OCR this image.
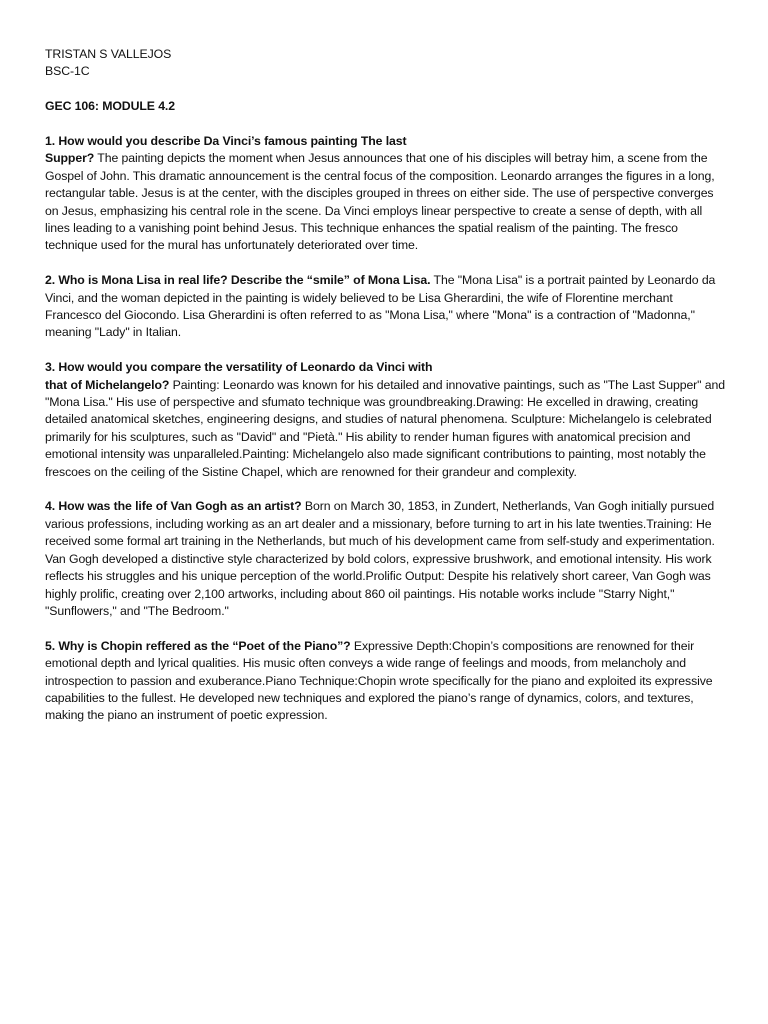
TRISTAN S VALLEJOS
BSC-1C
GEC 106: MODULE 4.2
1. How would you describe Da Vinci’s famous painting The last
Supper? The painting depicts the moment when Jesus announces that one of his disciples will betray him, a scene from the Gospel of John. This dramatic announcement is the central focus of the composition. Leonardo arranges the figures in a long, rectangular table. Jesus is at the center, with the disciples grouped in threes on either side. The use of perspective converges on Jesus, emphasizing his central role in the scene. Da Vinci employs linear perspective to create a sense of depth, with all lines leading to a vanishing point behind Jesus. This technique enhances the spatial realism of the painting. The fresco technique used for the mural has unfortunately deteriorated over time.
2. Who is Mona Lisa in real life? Describe the “smile” of Mona Lisa. The "Mona Lisa" is a portrait painted by Leonardo da Vinci, and the woman depicted in the painting is widely believed to be Lisa Gherardini, the wife of Florentine merchant Francesco del Giocondo. Lisa Gherardini is often referred to as "Mona Lisa," where "Mona" is a contraction of "Madonna," meaning "Lady" in Italian.
3. How would you compare the versatility of Leonardo da Vinci with
that of Michelangelo? Painting: Leonardo was known for his detailed and innovative paintings, such as "The Last Supper" and "Mona Lisa." His use of perspective and sfumato technique was groundbreaking.Drawing: He excelled in drawing, creating detailed anatomical sketches, engineering designs, and studies of natural phenomena. Sculpture: Michelangelo is celebrated primarily for his sculptures, such as "David" and "Pietà." His ability to render human figures with anatomical precision and emotional intensity was unparalleled.Painting: Michelangelo also made significant contributions to painting, most notably the frescoes on the ceiling of the Sistine Chapel, which are renowned for their grandeur and complexity.
4. How was the life of Van Gogh as an artist? Born on March 30, 1853, in Zundert, Netherlands, Van Gogh initially pursued various professions, including working as an art dealer and a missionary, before turning to art in his late twenties.Training: He received some formal art training in the Netherlands, but much of his development came from self-study and experimentation. Van Gogh developed a distinctive style characterized by bold colors, expressive brushwork, and emotional intensity. His work reflects his struggles and his unique perception of the world.Prolific Output: Despite his relatively short career, Van Gogh was highly prolific, creating over 2,100 artworks, including about 860 oil paintings. His notable works include "Starry Night," "Sunflowers," and "The Bedroom."
5. Why is Chopin reffered as the “Poet of the Piano”? Expressive Depth:Chopin’s compositions are renowned for their emotional depth and lyrical qualities. His music often conveys a wide range of feelings and moods, from melancholy and introspection to passion and exuberance.Piano Technique:Chopin wrote specifically for the piano and exploited its expressive capabilities to the fullest. He developed new techniques and explored the piano’s range of dynamics, colors, and textures, making the piano an instrument of poetic expression.
